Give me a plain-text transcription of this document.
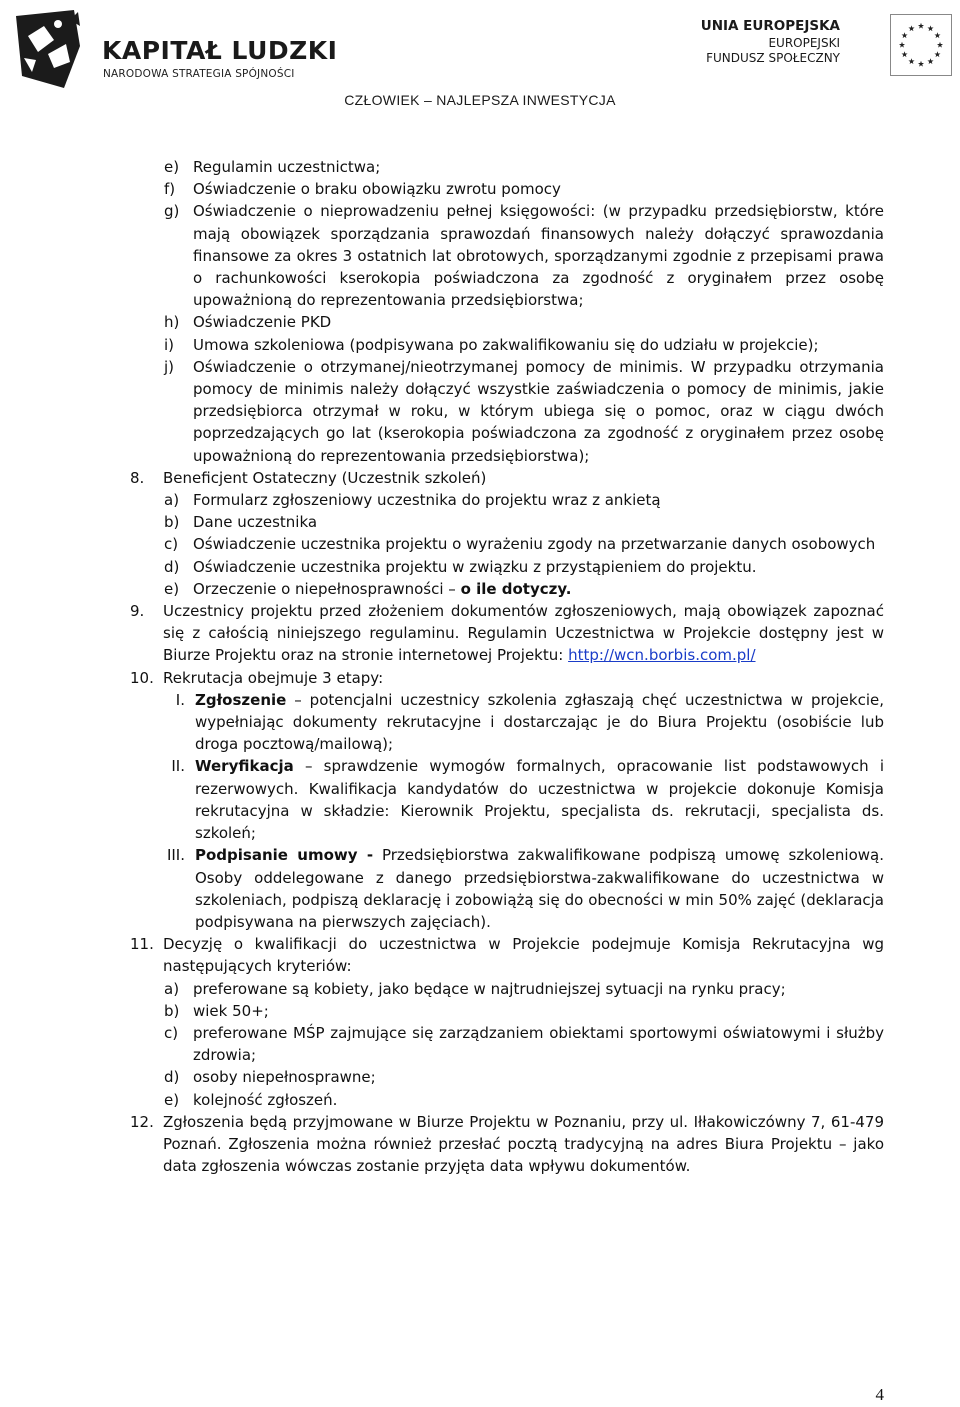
KAPITAŁ LUDZKI
NARODOWA STRATEGIA SPÓJNOŚCI
UNIA EUROPEJSKA
EUROPEJSKI
FUNDUSZ SPOŁECZNY
CZŁOWIEK – NAJLEPSZA INWESTYCJA
e) Regulamin uczestnictwa;
f) Oświadczenie o braku obowiązku zwrotu pomocy
g) Oświadczenie o nieprowadzeniu pełnej księgowości: (w przypadku przedsiębiorstw, które mają obowiązek sporządzania sprawozdań finansowych należy dołączyć sprawozdania finansowe za okres 3 ostatnich lat obrotowych, sporządzanymi zgodnie z przepisami prawa o rachunkowości kserokopia poświadczona za zgodność z oryginałem przez osobę upoważnioną do reprezentowania przedsiębiorstwa;
h) Oświadczenie PKD
i) Umowa szkoleniowa (podpisywana po zakwalifikowaniu się do udziału w projekcie);
j) Oświadczenie o otrzymanej/nieotrzymanej pomocy de minimis. W przypadku otrzymania pomocy de minimis należy dołączyć wszystkie zaświadczenia o pomocy de minimis, jakie przedsiębiorca otrzymał w roku, w którym ubiega się o pomoc, oraz w ciągu dwóch poprzedzających go lat (kserokopia poświadczona za zgodność z oryginałem przez osobę upoważnioną do reprezentowania przedsiębiorstwa);
8. Beneficjent Ostateczny (Uczestnik szkoleń)
a) Formularz zgłoszeniowy uczestnika do projektu wraz z ankietą
b) Dane uczestnika
c) Oświadczenie uczestnika projektu o wyrażeniu zgody na przetwarzanie danych osobowych
d) Oświadczenie uczestnika projektu w związku z przystąpieniem do projektu.
e) Orzeczenie o niepełnosprawności – o ile dotyczy.
9. Uczestnicy projektu przed złożeniem dokumentów zgłoszeniowych, mają obowiązek zapoznać się z całością niniejszego regulaminu. Regulamin Uczestnictwa w Projekcie dostępny jest w Biurze Projektu oraz na stronie internetowej Projektu: http://wcn.borbis.com.pl/
10. Rekrutacja obejmuje 3 etapy:
I. Zgłoszenie – potencjalni uczestnicy szkolenia zgłaszają chęć uczestnictwa w projekcie, wypełniając dokumenty rekrutacyjne i dostarczając je do Biura Projektu (osobiście lub droga pocztową/mailową);
II. Weryfikacja – sprawdzenie wymogów formalnych, opracowanie list podstawowych i rezerwowych. Kwalifikacja kandydatów do uczestnictwa w projekcie dokonuje Komisja rekrutacyjna w składzie: Kierownik Projektu, specjalista ds. rekrutacji, specjalista ds. szkoleń;
III. Podpisanie umowy - Przedsiębiorstwa zakwalifikowane podpiszą umowę szkoleniową. Osoby oddelegowane z danego przedsiębiorstwa-zakwalifikowane do uczestnictwa w szkoleniach, podpiszą deklarację i zobowiążą się do obecności w min 50% zajęć (deklaracja podpisywana na pierwszych zajęciach).
11. Decyzję o kwalifikacji do uczestnictwa w Projekcie podejmuje Komisja Rekrutacyjna wg następujących kryteriów:
a) preferowane są kobiety, jako będące w najtrudniejszej sytuacji na rynku pracy;
b) wiek 50+;
c) preferowane MŚP zajmujące się zarządzaniem obiektami sportowymi oświatowymi i służby zdrowia;
d) osoby niepełnosprawne;
e) kolejność zgłoszeń.
12. Zgłoszenia będą przyjmowane w Biurze Projektu w Poznaniu, przy ul. Iłłakowiczówny 7, 61-479 Poznań. Zgłoszenia można również przesłać pocztą tradycyjną na adres Biura Projektu – jako data zgłoszenia wówczas zostanie przyjęta data wpływu dokumentów.
4
